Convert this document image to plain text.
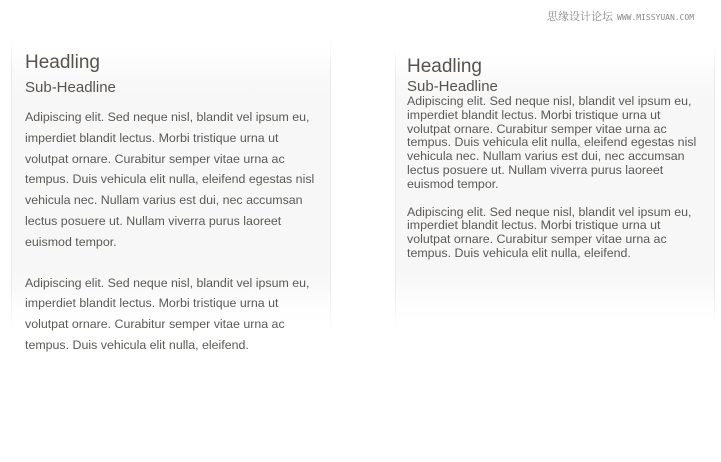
思缘设计论坛 WWW.MISSYUAN.COM
Headling
Sub-Headline

Adipiscing elit. Sed neque nisl, blandit vel ipsum eu, imperdiet blandit lectus. Morbi tristique urna ut volutpat ornare. Curabitur semper vitae urna ac tempus. Duis vehicula elit nulla, eleifend egestas nisl vehicula nec. Nullam varius est dui, nec accumsan lectus posuere ut. Nullam viverra purus laoreet euismod tempor.

Adipiscing elit. Sed neque nisl, blandit vel ipsum eu, imperdiet blandit lectus. Morbi tristique urna ut volutpat ornare. Curabitur semper vitae urna ac tempus. Duis vehicula elit nulla, eleifend.

Headling
Sub-Headline

Adipiscing elit. Sed neque nisl, blandit vel ipsum eu, imperdiet blandit lectus. Morbi tristique urna ut volutpat ornare. Curabitur semper vitae urna ac tempus. Duis vehicula elit nulla, eleifend egestas nisl vehicula nec. Nullam varius est dui, nec accumsan lectus posuere ut. Nullam viverra purus laoreet euismod tempor.

Adipiscing elit. Sed neque nisl, blandit vel ipsum eu, imperdiet blandit lectus. Morbi tristique urna ut volutpat ornare. Curabitur semper vitae urna ac tempus. Duis vehicula elit nulla, eleifend.
